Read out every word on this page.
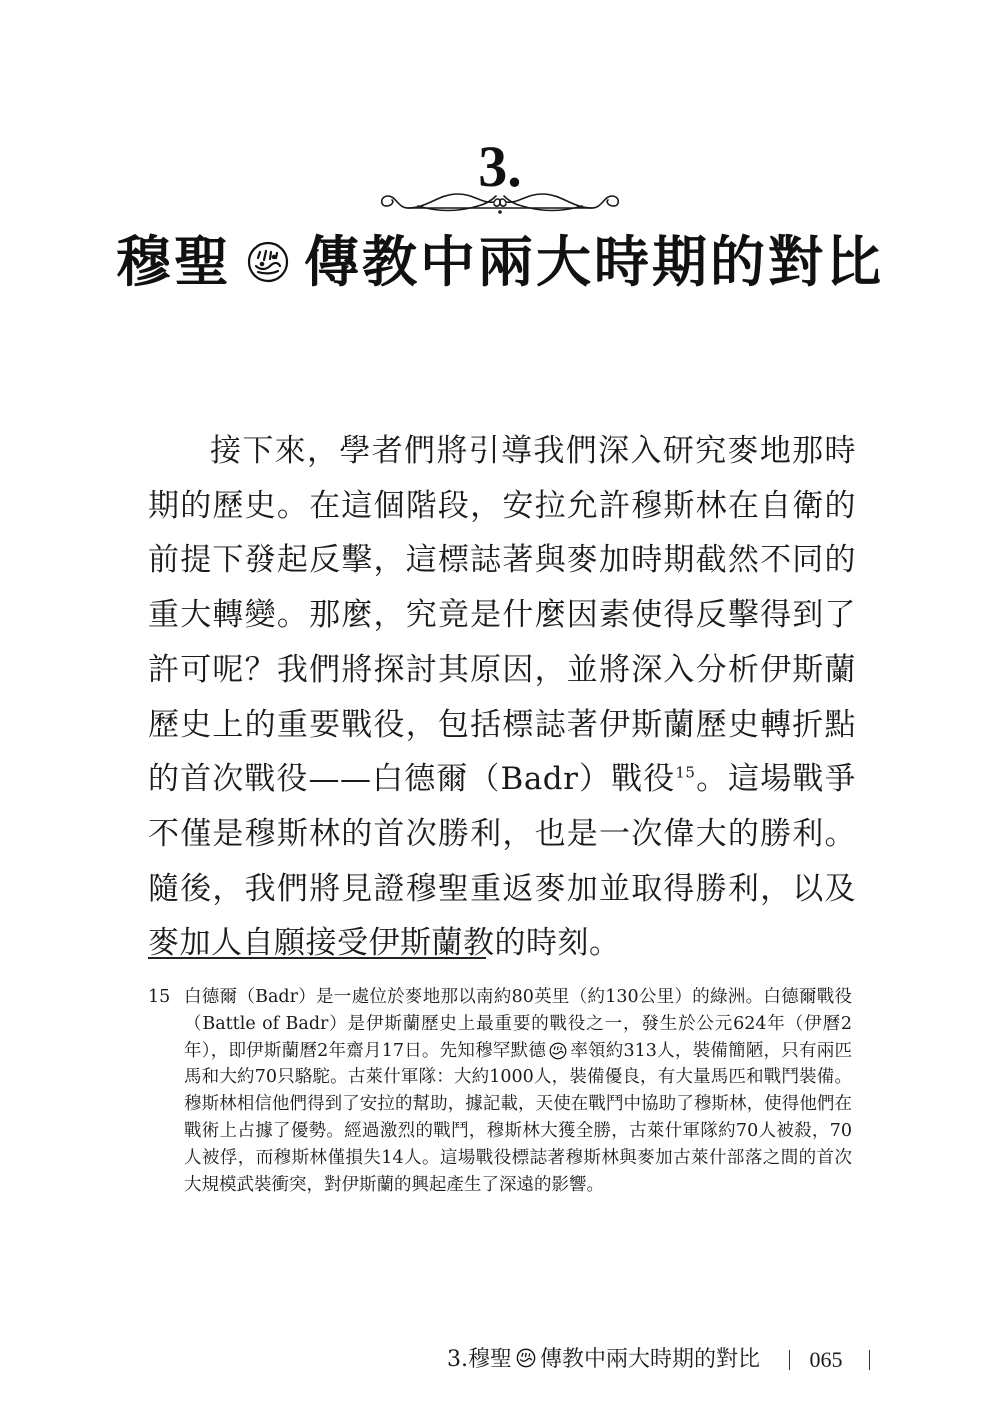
3.
穆聖 傳教中兩大時期的對比

接下來，學者們將引導我們深入研究麥地那時期的歷史。在這個階段，安拉允許穆斯林在自衛的前提下發起反擊，這標誌著與麥加時期截然不同的重大轉變。那麼，究竟是什麼因素使得反擊得到了許可呢？我們將探討其原因，並將深入分析伊斯蘭歷史上的重要戰役，包括標誌著伊斯蘭歷史轉折點的首次戰役——白德爾（Badr）戰役$^{15}$。這場戰爭不僅是穆斯林的首次勝利，也是一次偉大的勝利。隨後，我們將見證穆聖重返麥加並取得勝利，以及麥加人自願接受伊斯蘭教的時刻。

15 白德爾（Badr）是一處位於麥地那以南約80英里（約130公里）的綠洲。白德爾戰役（Battle of Badr）是伊斯蘭歷史上最重要的戰役之一，發生於公元624年（伊曆2年），即伊斯蘭曆2年齋月17日。先知穆罕默德 率領約313人，裝備簡陋，只有兩匹馬和大約70只駱駝。古萊什軍隊：大約1000人，裝備優良，有大量馬匹和戰鬥裝備。穆斯林相信他們得到了安拉的幫助，據記載，天使在戰鬥中協助了穆斯林，使得他們在戰術上占據了優勢。經過激烈的戰鬥，穆斯林大獲全勝，古萊什軍隊約70人被殺，70人被俘，而穆斯林僅損失14人。這場戰役標誌著穆斯林與麥加古萊什部落之間的首次大規模武裝衝突，對伊斯蘭的興起產生了深遠的影響。
3.穆聖 傳教中兩大時期的對比	065
